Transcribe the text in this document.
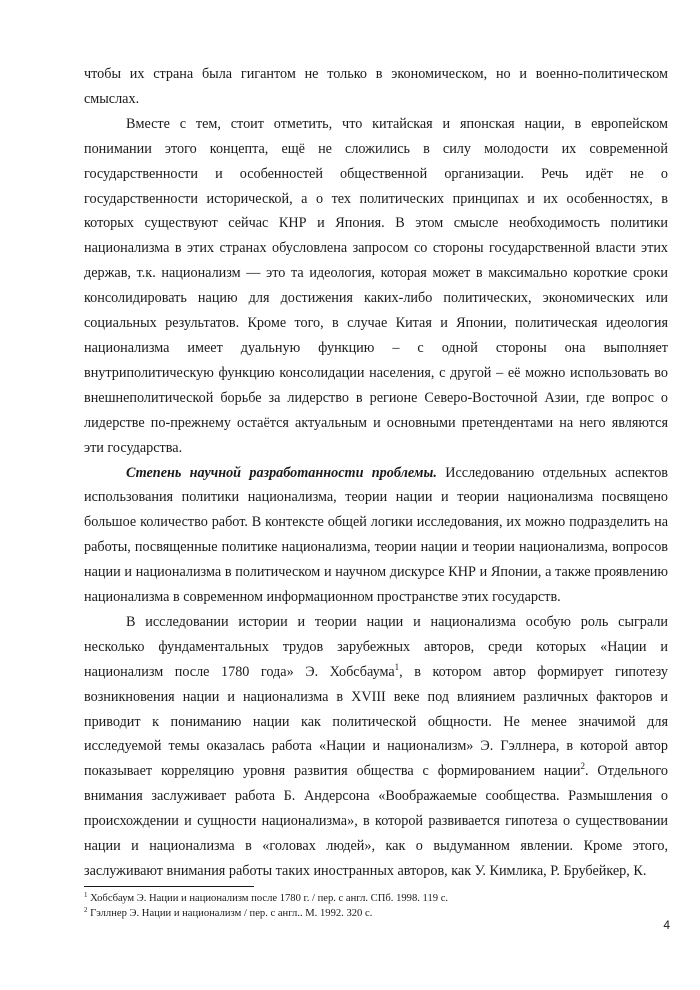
чтобы их страна была гигантом не только в экономическом, но и военно-политическом смыслах.

Вместе с тем, стоит отметить, что китайская и японская нации, в европейском понимании этого концепта, ещё не сложились в силу молодости их современной государственности и особенностей общественной организации. Речь идёт не о государственности исторической, а о тех политических принципах и их особенностях, в которых существуют сейчас КНР и Япония. В этом смысле необходимость политики национализма в этих странах обусловлена запросом со стороны государственной власти этих держав, т.к. национализм — это та идеология, которая может в максимально короткие сроки консолидировать нацию для достижения каких-либо политических, экономических или социальных результатов. Кроме того, в случае Китая и Японии, политическая идеология национализма имеет дуальную функцию – с одной стороны она выполняет внутриполитическую функцию консолидации населения, с другой – её можно использовать во внешнеполитической борьбе за лидерство в регионе Северо-Восточной Азии, где вопрос о лидерстве по-прежнему остаётся актуальным и основными претендентами на него являются эти государства.

Степень научной разработанности проблемы. Исследованию отдельных аспектов использования политики национализма, теории нации и теории национализма посвящено большое количество работ. В контексте общей логики исследования, их можно подразделить на работы, посвященные политике национализма, теории нации и теории национализма, вопросов нации и национализма в политическом и научном дискурсе КНР и Японии, а также проявлению национализма в современном информационном пространстве этих государств.

В исследовании истории и теории нации и национализма особую роль сыграли несколько фундаментальных трудов зарубежных авторов, среди которых «Нации и национализм после 1780 года» Э. Хобсбаума$^1$, в котором автор формирует гипотезу возникновения нации и национализма в XVIII веке под влиянием различных факторов и приводит к пониманию нации как политической общности. Не менее значимой для исследуемой темы оказалась работа «Нации и национализм» Э. Гэллнера, в которой автор показывает корреляцию уровня развития общества с формированием нации$^2$. Отдельного внимания заслуживает работа Б. Андерсона «Воображаемые сообщества. Размышления о происхождении и сущности национализма», в которой развивается гипотеза о существовании нации и национализма в «головах людей», как о выдуманном явлении. Кроме этого, заслуживают внимания работы таких иностранных авторов, как У. Кимлика, Р. Брубейкер, К.

$^1$ Хобсбаум Э. Нации и национализм после 1780 г. / пер. с англ. СПб. 1998. 119 с.
$^2$ Гэллнер Э. Нации и национализм / пер. с англ.. М. 1992. 320 с.
4
